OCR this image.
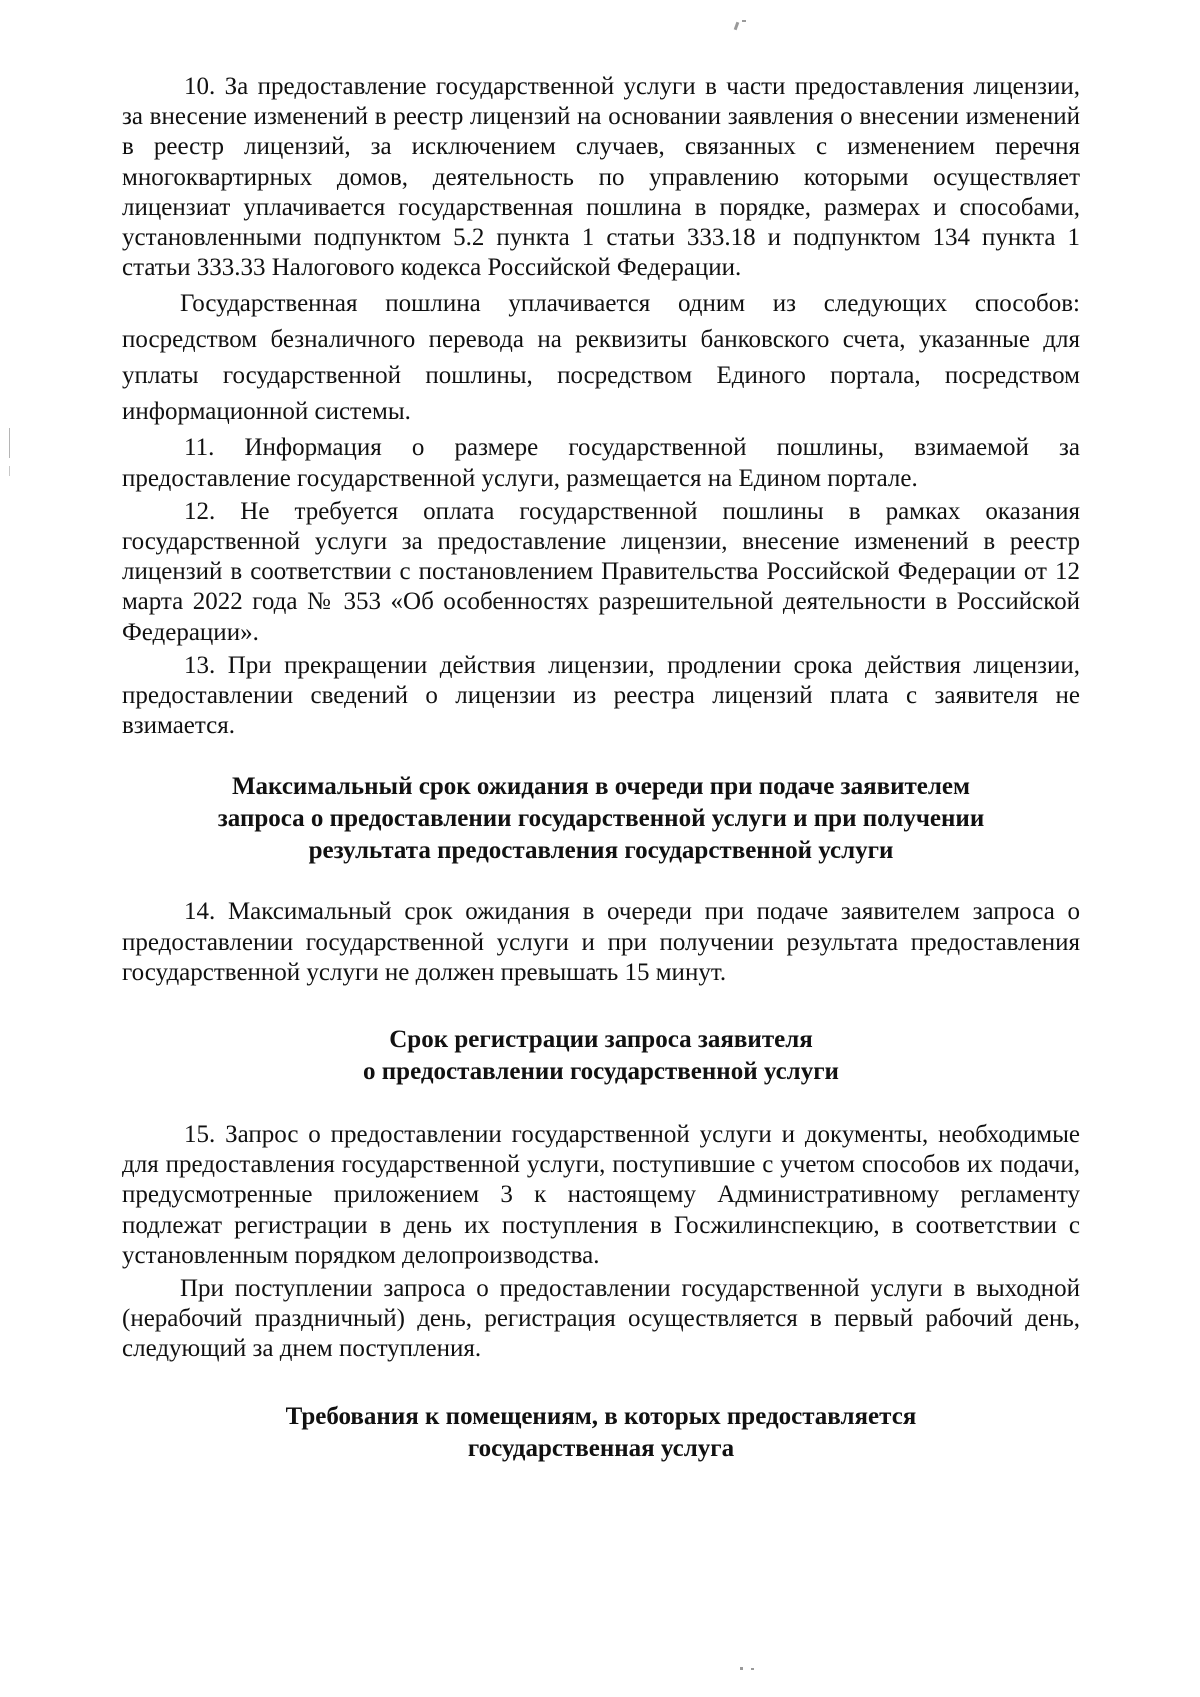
10. За предоставление государственной услуги в части предоставления лицензии, за внесение изменений в реестр лицензий на основании заявления о внесении изменений в реестр лицензий, за исключением случаев, связанных с изменением перечня многоквартирных домов, деятельность по управлению которыми осуществляет лицензиат уплачивается государственная пошлина в порядке, размерах и способами, установленными подпунктом 5.2 пункта 1 статьи 333.18 и подпунктом 134 пункта 1 статьи 333.33 Налогового кодекса Российской Федерации.

Государственная пошлина уплачивается одним из следующих способов: посредством безналичного перевода на реквизиты банковского счета, указанные для уплаты государственной пошлины, посредством Единого портала, посредством информационной системы.

11. Информация о размере государственной пошлины, взимаемой за предоставление государственной услуги, размещается на Едином портале.

12. Не требуется оплата государственной пошлины в рамках оказания государственной услуги за предоставление лицензии, внесение изменений в реестр лицензий в соответствии с постановлением Правительства Российской Федерации от 12 марта 2022 года № 353 «Об особенностях разрешительной деятельности в Российской Федерации».

13. При прекращении действия лицензии, продлении срока действия лицензии, предоставлении сведений о лицензии из реестра лицензий плата с заявителя не взимается.

Максимальный срок ожидания в очереди при подаче заявителем
запроса о предоставлении государственной услуги и при получении
результата предоставления государственной услуги

14. Максимальный срок ожидания в очереди при подаче заявителем запроса о предоставлении государственной услуги и при получении результата предоставления государственной услуги не должен превышать 15 минут.

Срок регистрации запроса заявителя
о предоставлении государственной услуги

15. Запрос о предоставлении государственной услуги и документы, необходимые для предоставления государственной услуги, поступившие с учетом способов их подачи, предусмотренные приложением 3 к настоящему Административному регламенту подлежат регистрации в день их поступления в Госжилинспекцию, в соответствии с установленным порядком делопроизводства.

При поступлении запроса о предоставлении государственной услуги в выходной (нерабочий праздничный) день, регистрация осуществляется в первый рабочий день, следующий за днем поступления.

Требования к помещениям, в которых предоставляется
государственная услуга
